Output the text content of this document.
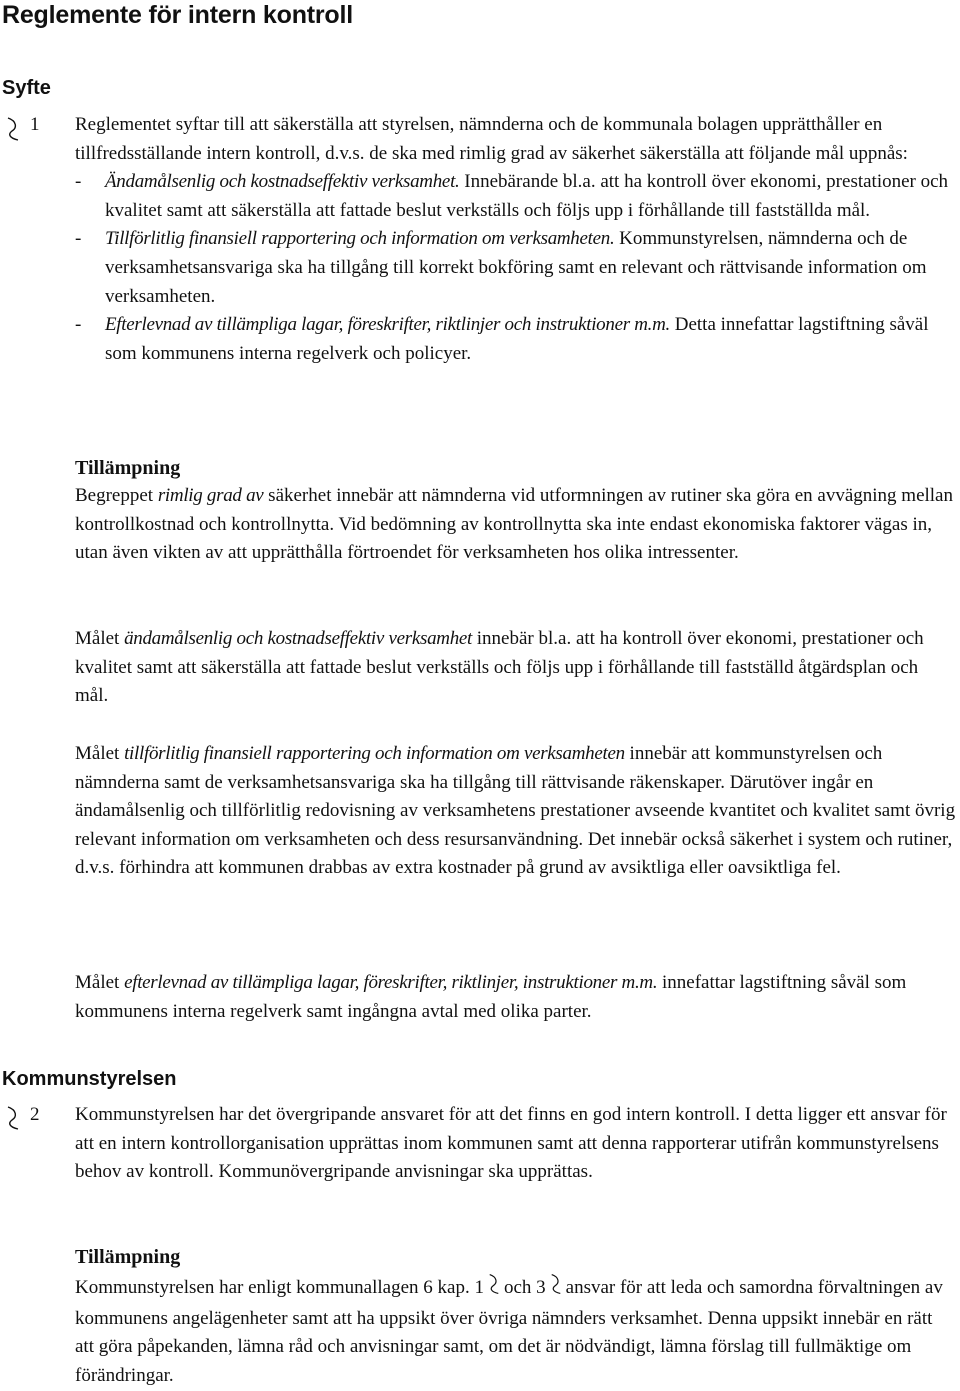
Reglemente för intern kontroll
Syfte
1 Reglementet syftar till att säkerställa att styrelsen, nämnderna och de kommunala bolagen upprätthåller en tillfredsställande intern kontroll, d.v.s. de ska med rimlig grad av säkerhet säkerställa att följande mål uppnås:

- Ändamålsenlig och kostnadseffektiv verksamhet. Innebärande bl.a. att ha kontroll över ekonomi, prestationer och kvalitet samt att säkerställa att fattade beslut verkställs och följs upp i förhållande till fastställda mål.
- Tillförlitlig finansiell rapportering och information om verksamheten. Kommunstyrelsen, nämnderna och de verksamhetsansvariga ska ha tillgång till korrekt bokföring samt en relevant och rättvisande information om verksamheten.
- Efterlevnad av tillämpliga lagar, föreskrifter, riktlinjer och instruktioner m.m. Detta innefattar lagstiftning såväl som kommunens interna regelverk och policyer.
Tillämpning

Begreppet rimlig grad av säkerhet innebär att nämnderna vid utformningen av rutiner ska göra en avvägning mellan kontrollkostnad och kontrollnytta. Vid bedömning av kontrollnytta ska inte endast ekonomiska faktorer vägas in, utan även vikten av att upprätthålla förtroendet för verksamheten hos olika intressenter.

Målet ändamålsenlig och kostnadseffektiv verksamhet innebär bl.a. att ha kontroll över ekonomi, prestationer och kvalitet samt att säkerställa att fattade beslut verkställs och följs upp i förhållande till fastställd åtgärdsplan och mål.

Målet tillförlitlig finansiell rapportering och information om verksamheten innebär att kommunstyrelsen och nämnderna samt de verksamhetsansvariga ska ha tillgång till rättvisande räkenskaper. Därutöver ingår en ändamålsenlig och tillförlitlig redovisning av verksamhetens prestationer avseende kvantitet och kvalitet samt övrig relevant information om verksamheten och dess resursanvändning. Det innebär också säkerhet i system och rutiner, d.v.s. förhindra att kommunen drabbas av extra kostnader på grund av avsiktliga eller oavsiktliga fel.

Målet efterlevnad av tillämpliga lagar, föreskrifter, riktlinjer, instruktioner m.m. innefattar lagstiftning såväl som kommunens interna regelverk samt ingångna avtal med olika parter.

Kommunstyrelsen
2 Kommunstyrelsen har det övergripande ansvaret för att det finns en god intern kontroll. I detta ligger ett ansvar för att en intern kontrollorganisation upprättas inom kommunen samt att denna rapporterar utifrån kommunstyrelsens behov av kontroll. Kommunövergripande anvisningar ska upprättas.

Tillämpning

Kommunstyrelsen har enligt kommunallagen 6 kap. 1 och 3 ansvar för att leda och samordna förvaltningen av kommunens angelägenheter samt att ha uppsikt över övriga nämnders verksamhet. Denna uppsikt innebär en rätt att göra påpekanden, lämna råd och anvisningar samt, om det är nödvändigt, lämna förslag till fullmäktige om förändringar.
